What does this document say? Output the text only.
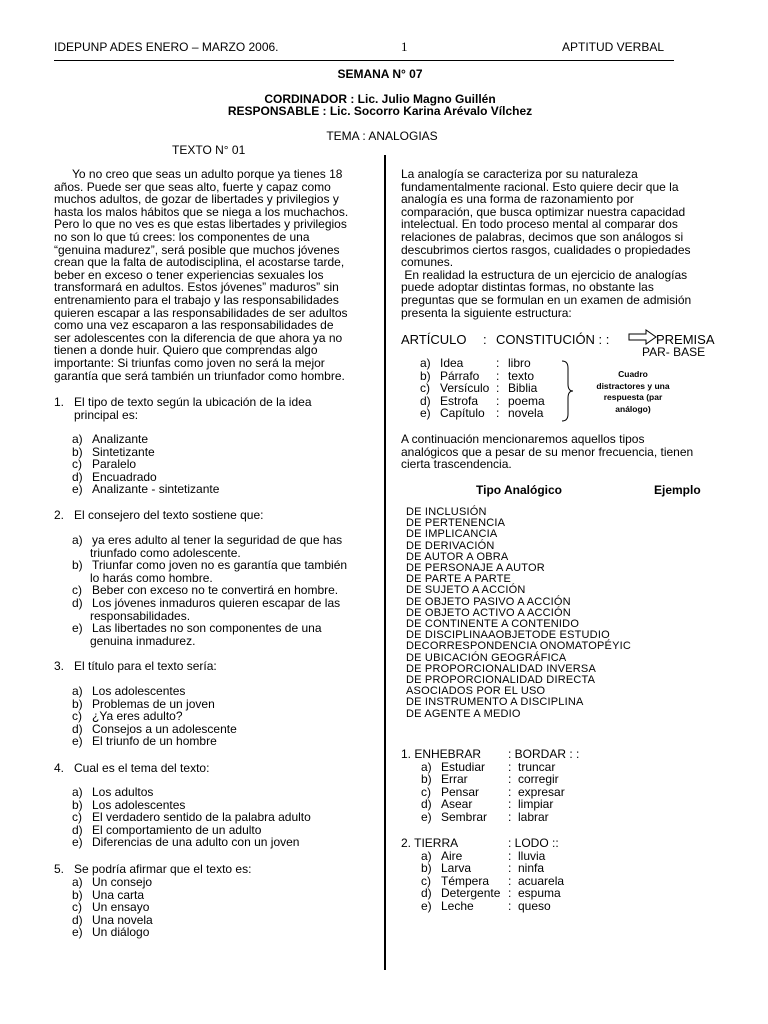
IDEPUNP ADES ENERO – MARZO 2006.	1	APTITUD VERBAL
SEMANA N° 07
CORDINADOR : Lic. Julio Magno Guillén
RESPONSABLE : Lic. Socorro Karina Arévalo Vílchez
TEMA : ANALOGIAS
TEXTO N° 01
Yo no creo que seas un adulto porque ya tienes 18
años. Puede ser que seas alto, fuerte y capaz como
muchos adultos, de gozar de libertades y privilegios y
hasta los malos hábitos que se niega a los muchachos.
Pero lo que no ves es que estas libertades y privilegios
no son lo que tú crees: los componentes de una
“genuina madurez”, será posible que muchos jóvenes
crean que la falta de autodisciplina, el acostarse tarde,
beber en exceso o tener experiencias sexuales los
transformará en adultos. Estos jóvenes” maduros” sin
entrenamiento para el trabajo y las responsabilidades
quieren escapar a las responsabilidades de ser adultos
como una vez escaparon a las responsabilidades de
ser adolescentes con la diferencia de que ahora ya no
tienen a donde huir. Quiero que comprendas algo
importante: Si triunfas como joven no será la mejor
garantía que será también un triunfador como hombre.
1. El tipo de texto según la ubicación de la idea
principal es:
a) Analizante
b) Sintetizante
c) Paralelo
d) Encuadrado
e) Analizante - sintetizante
2. El consejero del texto sostiene que:
a) ya eres adulto al tener la seguridad de que has
triunfado como adolescente.
b) Triunfar como joven no es garantía que también
lo harás como hombre.
c) Beber con exceso no te convertirá en hombre.
d) Los jóvenes inmaduros quieren escapar de las
responsabilidades.
e) Las libertades no son componentes de una
genuina inmadurez.
3. El título para el texto sería:
a) Los adolescentes
b) Problemas de un joven
c) ¿Ya eres adulto?
d) Consejos a un adolescente
e) El triunfo de un hombre
4. Cual es el tema del texto:
a) Los adultos
b) Los adolescentes
c) El verdadero sentido de la palabra adulto
d) El comportamiento de un adulto
e) Diferencias de una adulto con un joven
5. Se podría afirmar que el texto es:
a) Un consejo
b) Una carta
c) Un ensayo
d) Una novela
e) Un diálogo
La analogía se caracteriza por su naturaleza
fundamentalmente racional. Esto quiere decir que la
analogía es una forma de razonamiento por
comparación, que busca optimizar nuestra capacidad
intelectual. En todo proceso mental al comparar dos
relaciones de palabras, decimos que son análogos si
descubrimos ciertos rasgos, cualidades o propiedades
comunes.
En realidad la estructura de un ejercicio de analogías
puede adoptar distintas formas, no obstante las
preguntas que se formulan en un examen de admisión
presenta la siguiente estructura:
ARTÍCULO : CONSTITUCIÓN : :	PREMISA
PAR- BASE
a) Idea	: libro
b) Párrafo	: texto
c) Versículo : Biblia
d) Estrofa	: poema
e) Capítulo : novela
Cuadro
distractores y una
respuesta (par
análogo)
A continuación mencionaremos aquellos tipos
analógicos que a pesar de su menor frecuencia, tienen
cierta trascendencia.
Tipo Analógico	Ejemplo
DE INCLUSIÓN
DE PERTENENCIA
DE IMPLICANCIA
DE DERIVACIÓN
DE AUTOR A OBRA
DE PERSONAJE A AUTOR
DE PARTE A PARTE
DE SUJETO A ACCIÓN
DE OBJETO PASIVO A ACCIÓN
DE OBJETO ACTIVO A ACCIÓN
DE CONTINENTE A CONTENIDO
DE DISCIPLINAAOBJETODE ESTUDIO
DECORRESPONDENCIA ONOMATOPÉYIC
DE UBICACIÓN GEOGRÁFICA
DE PROPORCIONALIDAD INVERSA
DE PROPORCIONALIDAD DIRECTA
ASOCIADOS POR EL USO
DE INSTRUMENTO A DISCIPLINA
DE AGENTE A MEDIO
1. ENHEBRAR	: BORDAR : :
a) Estudiar	: truncar
b) Errar	: corregir
c) Pensar	: expresar
d) Asear	: limpiar
e) Sembrar	: labrar
2. TIERRA	: LODO ::
a) Aire	: lluvia
b) Larva	: ninfa
c) Témpera	: acuarela
d) Detergente : espuma
e) Leche	: queso
